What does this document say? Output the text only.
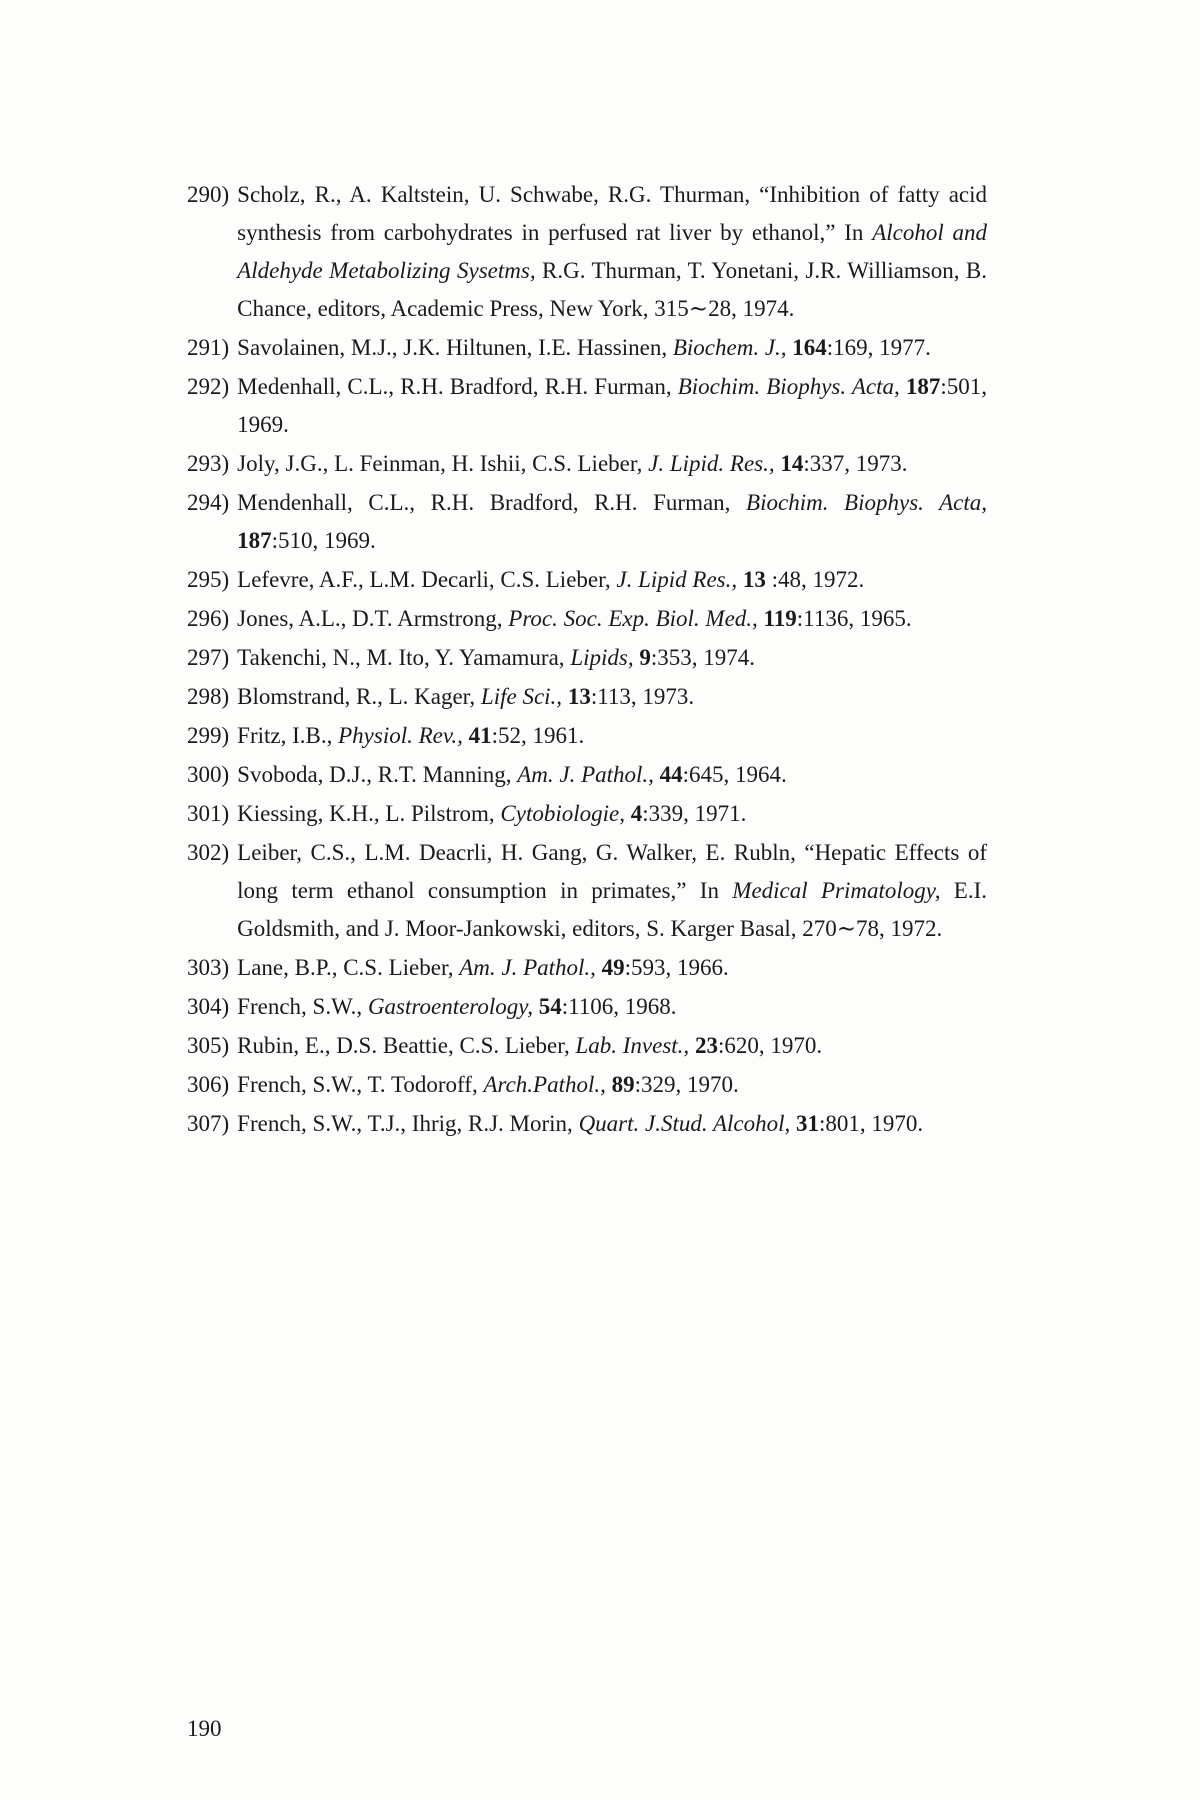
290) Scholz, R., A. Kaltstein, U. Schwabe, R.G. Thurman, “Inhibition of fatty acid synthesis from carbohydrates in perfused rat liver by ethanol,” In Alcohol and Aldehyde Metabolizing Sysetms, R.G. Thurman, T. Yonetani, J.R. Williamson, B. Chance, editors, Academic Press, New York, 315∼28, 1974.
291) Savolainen, M.J., J.K. Hiltunen, I.E. Hassinen, Biochem. J., 164:169, 1977.
292) Medenhall, C.L., R.H. Bradford, R.H. Furman, Biochim. Biophys. Acta, 187:501, 1969.
293) Joly, J.G., L. Feinman, H. Ishii, C.S. Lieber, J. Lipid. Res., 14:337, 1973.
294) Mendenhall, C.L., R.H. Bradford, R.H. Furman, Biochim. Biophys. Acta, 187:510, 1969.
295) Lefevre, A.F., L.M. Decarli, C.S. Lieber, J. Lipid Res., 13 :48, 1972.
296) Jones, A.L., D.T. Armstrong, Proc. Soc. Exp. Biol. Med., 119:1136, 1965.
297) Takenchi, N., M. Ito, Y. Yamamura, Lipids, 9:353, 1974.
298) Blomstrand, R., L. Kager, Life Sci., 13:113, 1973.
299) Fritz, I.B., Physiol. Rev., 41:52, 1961.
300) Svoboda, D.J., R.T. Manning, Am. J. Pathol., 44:645, 1964.
301) Kiessing, K.H., L. Pilstrom, Cytobiologie, 4:339, 1971.
302) Leiber, C.S., L.M. Deacrli, H. Gang, G. Walker, E. Rubln, “Hepatic Effects of long term ethanol consumption in primates,” In Medical Primatology, E.I. Goldsmith, and J. Moor-Jankowski, editors, S. Karger Basal, 270∼78, 1972.
303) Lane, B.P., C.S. Lieber, Am. J. Pathol., 49:593, 1966.
304) French, S.W., Gastroenterology, 54:1106, 1968.
305) Rubin, E., D.S. Beattie, C.S. Lieber, Lab. Invest., 23:620, 1970.
306) French, S.W., T. Todoroff, Arch.Pathol., 89:329, 1970.
307) French, S.W., T.J., Ihrig, R.J. Morin, Quart. J.Stud. Alcohol, 31:801, 1970.
190
